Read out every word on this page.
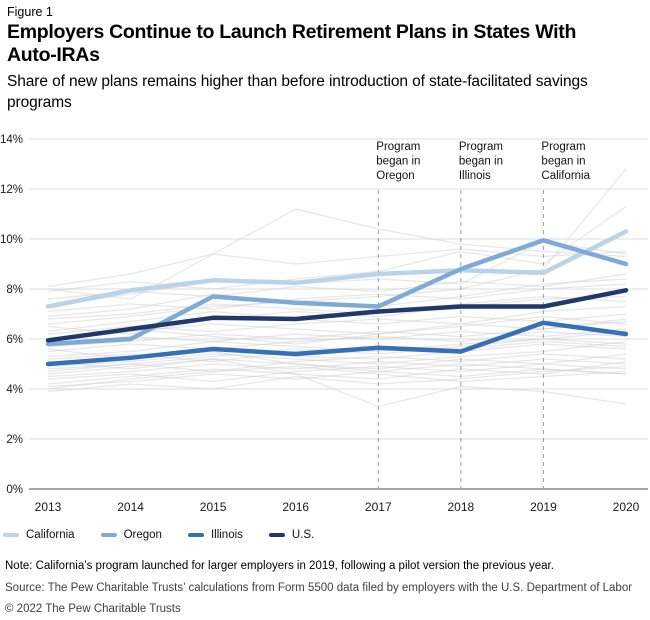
Figure 1
Employers Continue to Launch Retirement Plans in States With Auto-IRAs
Share of new plans remains higher than before introduction of state-facilitated savings programs
0%
2%
4%
6%
8%
10%
12%
14%
Program
began in
Oregon
Program
began in
Illinois
Program
began in
California
2013	2014	2015	2016	2017	2018	2019	2020
California	Oregon	Illinois	U.S.
Note: California’s program launched for larger employers in 2019, following a pilot version the previous year.
Source: The Pew Charitable Trusts’ calculations from Form 5500 data filed by employers with the U.S. Department of Labor
© 2022 The Pew Charitable Trusts
